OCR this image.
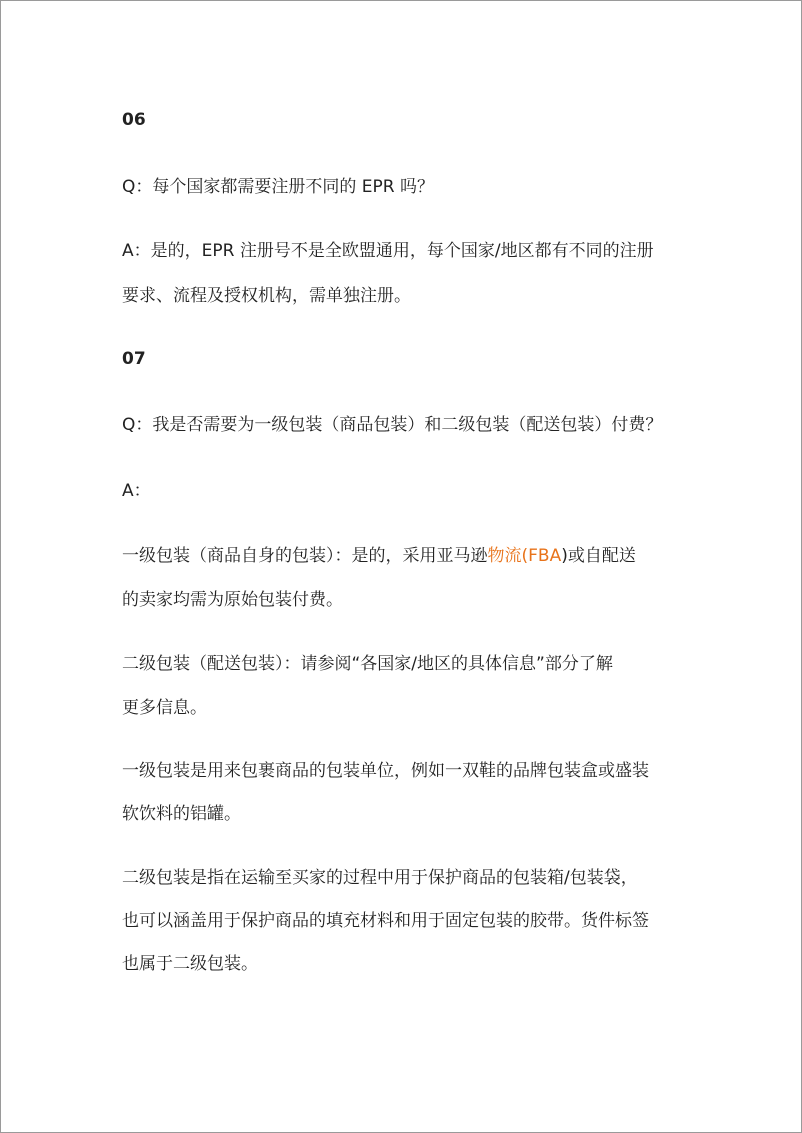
06
Q：每个国家都需要注册不同的 EPR 吗？
A：是的，EPR 注册号不是全欧盟通用，每个国家/地区都有不同的注册
要求、流程及授权机构，需单独注册。
07
Q：我是否需要为一级包装（商品包装）和二级包装（配送包装）付费？
A：
一级包装（商品自身的包装）：是的，采用亚马逊物流(FBA)或自配送
的卖家均需为原始包装付费。
二级包装（配送包装）：请参阅“各国家/地区的具体信息”部分了解
更多信息。
一级包装是用来包裹商品的包装单位，例如一双鞋的品牌包装盒或盛装
软饮料的铝罐。
二级包装是指在运输至买家的过程中用于保护商品的包装箱/包装袋，
也可以涵盖用于保护商品的填充材料和用于固定包装的胶带。货件标签
也属于二级包装。
